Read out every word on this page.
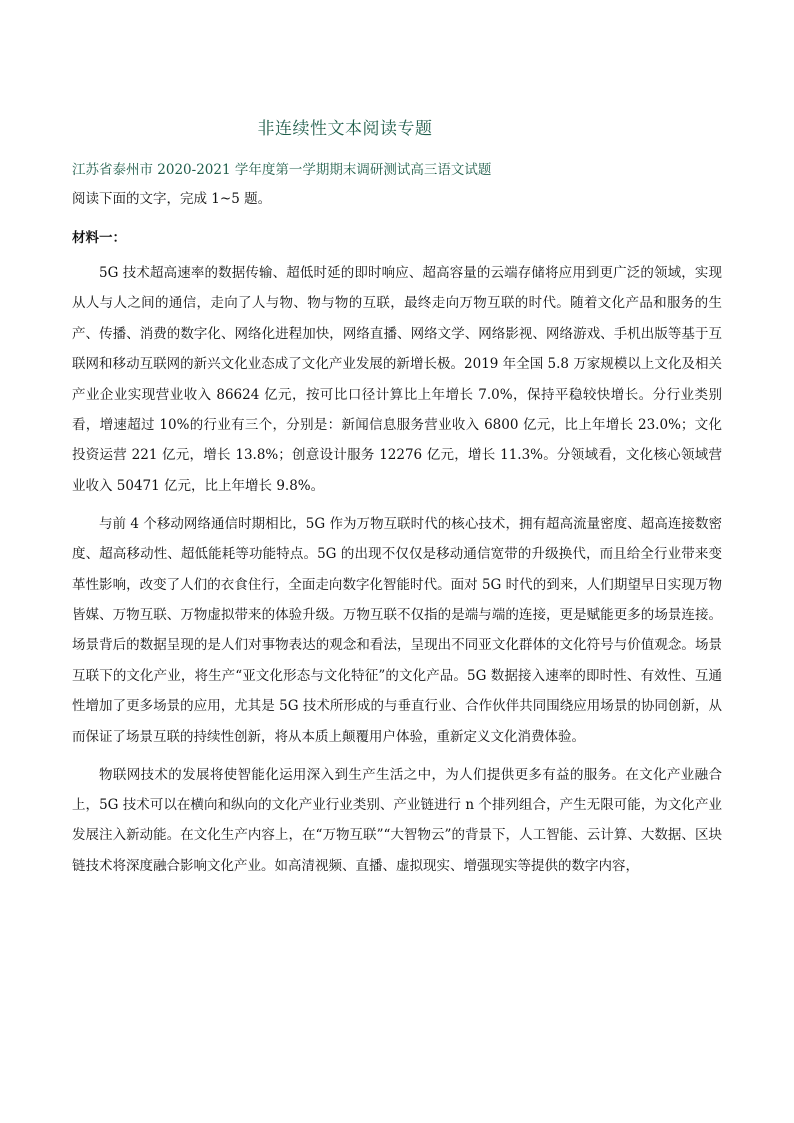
非连续性文本阅读专题
江苏省泰州市 2020-2021 学年度第一学期期末调研测试高三语文试题
阅读下面的文字，完成 1~5 题。
材料一：

5G 技术超高速率的数据传输、超低时延的即时响应、超高容量的云端存储将应用到更广泛的领域，实现从人与人之间的通信，走向了人与物、物与物的互联，最终走向万物互联的时代。随着文化产品和服务的生产、传播、消费的数字化、网络化进程加快，网络直播、网络文学、网络影视、网络游戏、手机出版等基于互联网和移动互联网的新兴文化业态成了文化产业发展的新增长极。2019 年全国 5.8 万家规模以上文化及相关产业企业实现营业收入 86624 亿元，按可比口径计算比上年增长 7.0%，保持平稳较快增长。分行业类别看，增速超过 10%的行业有三个，分别是：新闻信息服务营业收入 6800 亿元，比上年增长 23.0%；文化投资运营 221 亿元，增长 13.8%；创意设计服务 12276 亿元，增长 11.3%。分领域看，文化核心领域营业收入 50471 亿元，比上年增长 9.8%。

与前 4 个移动网络通信时期相比，5G 作为万物互联时代的核心技术，拥有超高流量密度、超高连接数密度、超高移动性、超低能耗等功能特点。5G 的出现不仅仅是移动通信宽带的升级换代，而且给全行业带来变革性影响，改变了人们的衣食住行，全面走向数字化智能时代。面对 5G 时代的到来，人们期望早日实现万物皆媒、万物互联、万物虚拟带来的体验升级。万物互联不仅指的是端与端的连接，更是赋能更多的场景连接。场景背后的数据呈现的是人们对事物表达的观念和看法，呈现出不同亚文化群体的文化符号与价值观念。场景互联下的文化产业，将生产“亚文化形态与文化特征”的文化产品。5G 数据接入速率的即时性、有效性、互通性增加了更多场景的应用，尤其是 5G 技术所形成的与垂直行业、合作伙伴共同围绕应用场景的协同创新，从而保证了场景互联的持续性创新，将从本质上颠覆用户体验，重新定义文化消费体验。

物联网技术的发展将使智能化运用深入到生产生活之中，为人们提供更多有益的服务。在文化产业融合上，5G 技术可以在横向和纵向的文化产业行业类别、产业链进行 n 个排列组合，产生无限可能，为文化产业发展注入新动能。在文化生产内容上，在“万物互联”“大智物云”的背景下，人工智能、云计算、大数据、区块链技术将深度融合影响文化产业。如高清视频、直播、虚拟现实、增强现实等提供的数字内容，
